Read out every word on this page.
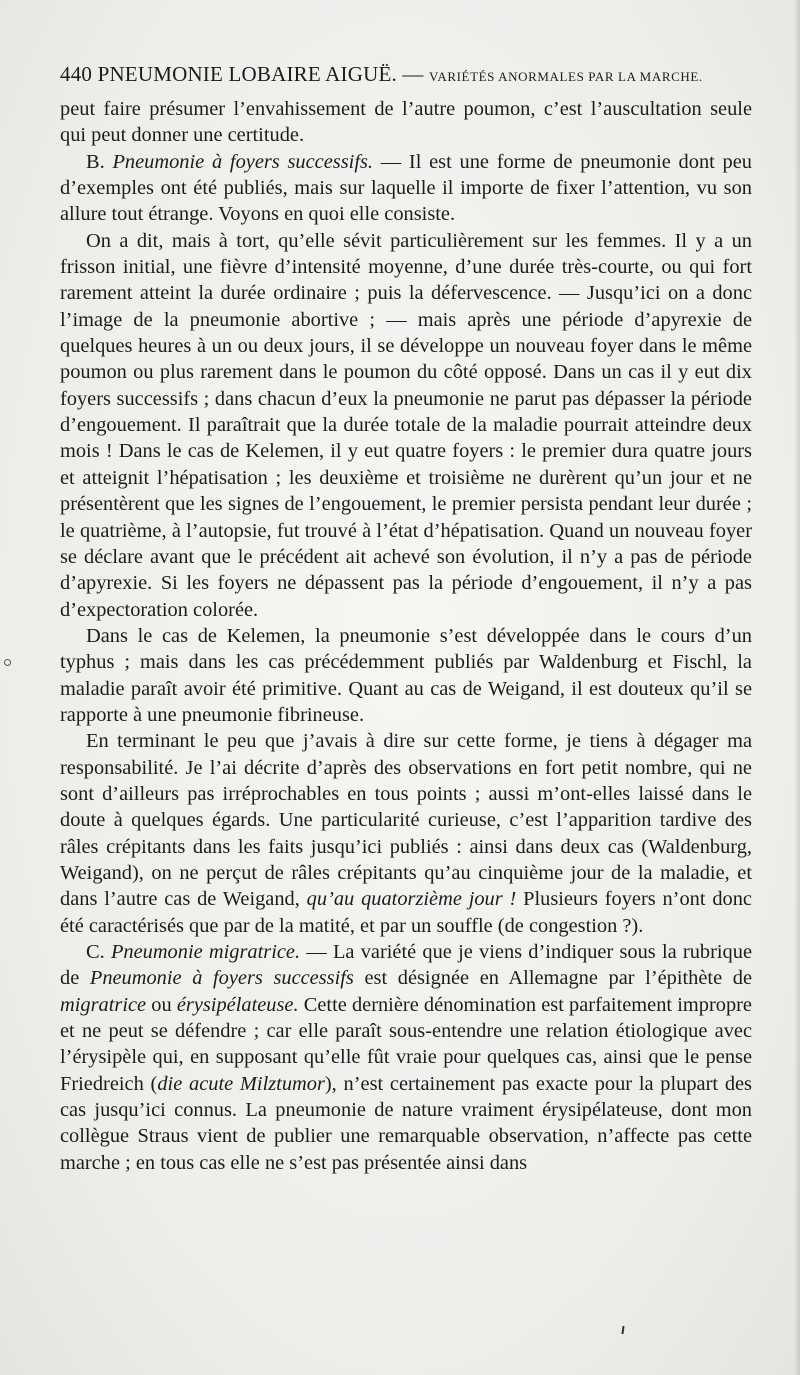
440 PNEUMONIE LOBAIRE AIGUË. — VARIÉTÉS ANORMALES PAR LA MARCHE.

peut faire présumer l’envahissement de l’autre poumon, c’est l’auscultation seule qui peut donner une certitude.

B. Pneumonie à foyers successifs. — Il est une forme de pneumonie dont peu d’exemples ont été publiés, mais sur laquelle il importe de fixer l’attention, vu son allure tout étrange. Voyons en quoi elle consiste.

On a dit, mais à tort, qu’elle sévit particulièrement sur les femmes. Il y a un frisson initial, une fièvre d’intensité moyenne, d’une durée très-courte, ou qui fort rarement atteint la durée ordinaire ; puis la défervescence. — Jusqu’ici on a donc l’image de la pneumonie abortive ; — mais après une période d’apyrexie de quelques heures à un ou deux jours, il se développe un nouveau foyer dans le même poumon ou plus rarement dans le poumon du côté opposé. Dans un cas il y eut dix foyers successifs ; dans chacun d’eux la pneumonie ne parut pas dépasser la période d’engouement. Il paraîtrait que la durée totale de la maladie pourrait atteindre deux mois ! Dans le cas de Kelemen, il y eut quatre foyers : le premier dura quatre jours et atteignit l’hépatisation ; les deuxième et troisième ne durèrent qu’un jour et ne présentèrent que les signes de l’engouement, le premier persista pendant leur durée ; le quatrième, à l’autopsie, fut trouvé à l’état d’hépatisation. Quand un nouveau foyer se déclare avant que le précédent ait achevé son évolution, il n’y a pas de période d’apyrexie. Si les foyers ne dépassent pas la période d’engouement, il n’y a pas d’expectoration colorée.

Dans le cas de Kelemen, la pneumonie s’est développée dans le cours d’un typhus ; mais dans les cas précédemment publiés par Waldenburg et Fischl, la maladie paraît avoir été primitive. Quant au cas de Weigand, il est douteux qu’il se rapporte à une pneumonie fibrineuse.

En terminant le peu que j’avais à dire sur cette forme, je tiens à dégager ma responsabilité. Je l’ai décrite d’après des observations en fort petit nombre, qui ne sont d’ailleurs pas irréprochables en tous points ; aussi m’ont-elles laissé dans le doute à quelques égards. Une particularité curieuse, c’est l’apparition tardive des râles crépitants dans les faits jusqu’ici publiés : ainsi dans deux cas (Waldenburg, Weigand), on ne perçut de râles crépitants qu’au cinquième jour de la maladie, et dans l’autre cas de Weigand, qu’au quatorzième jour ! Plusieurs foyers n’ont donc été caractérisés que par de la matité, et par un souffle (de congestion ?).

C. Pneumonie migratrice. — La variété que je viens d’indiquer sous la rubrique de Pneumonie à foyers successifs est désignée en Allemagne par l’épithète de migratrice ou érysipélateuse. Cette dernière dénomination est parfaitement impropre et ne peut se défendre ; car elle paraît sous-entendre une relation étiologique avec l’érysipèle qui, en supposant qu’elle fût vraie pour quelques cas, ainsi que le pense Friedreich (die acute Milztumor), n’est certainement pas exacte pour la plupart des cas jusqu’ici connus. La pneumonie de nature vraiment érysipélateuse, dont mon collègue Straus vient de publier une remarquable observation, n’affecte pas cette marche ; en tous cas elle ne s’est pas présentée ainsi dans
